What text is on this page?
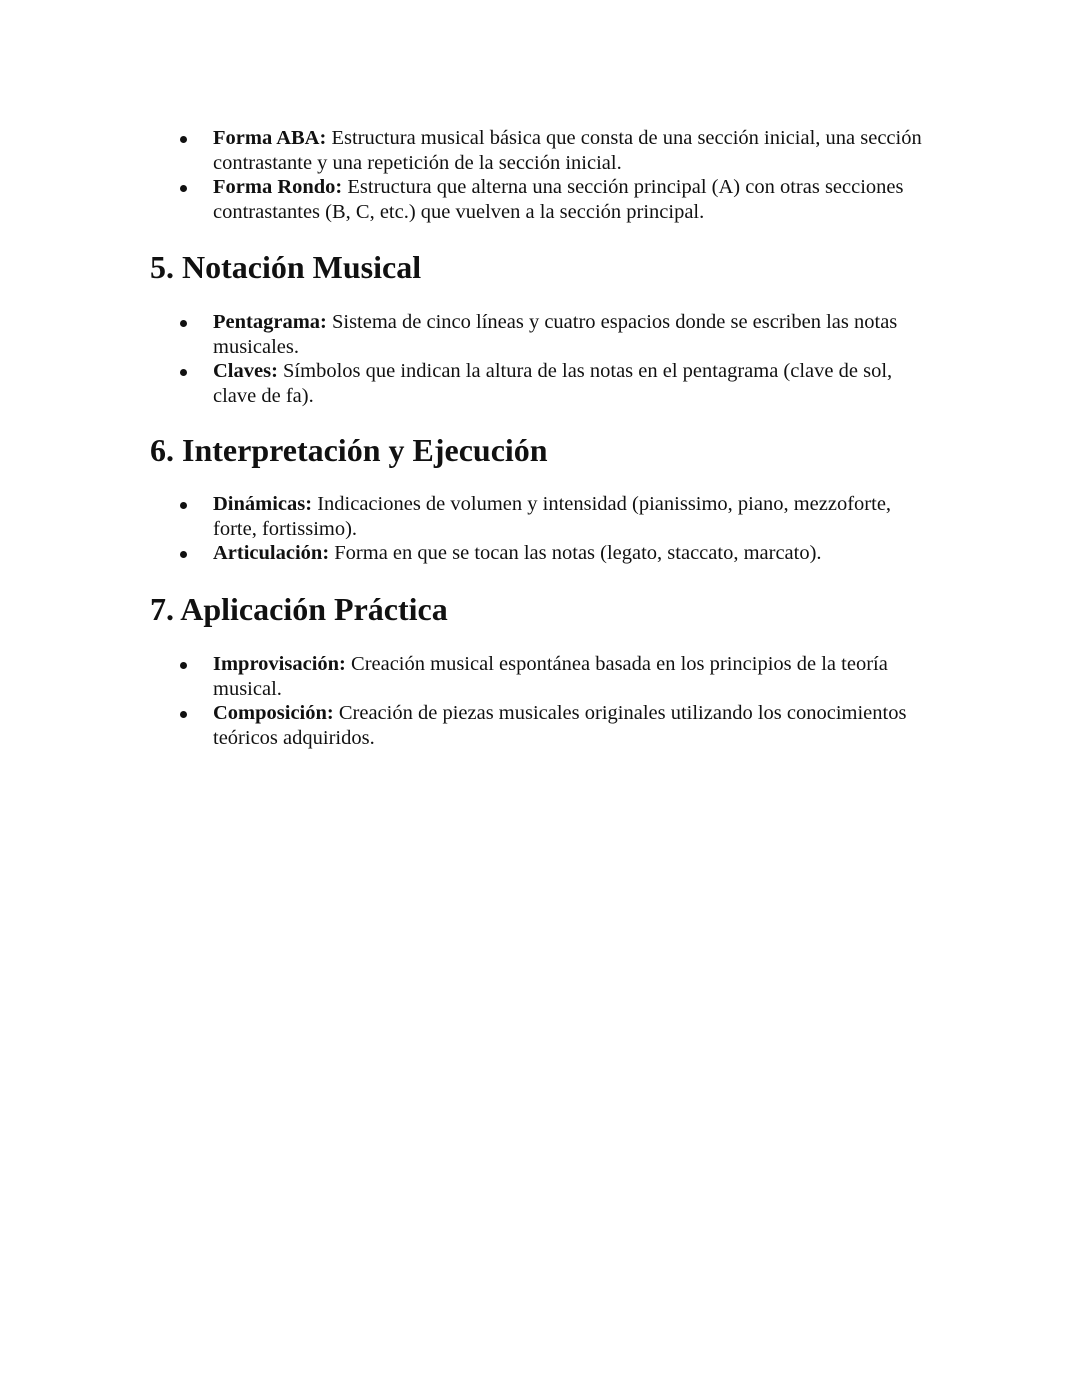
Forma ABA: Estructura musical básica que consta de una sección inicial, una sección contrastante y una repetición de la sección inicial.
Forma Rondo: Estructura que alterna una sección principal (A) con otras secciones contrastantes (B, C, etc.) que vuelven a la sección principal.
5. Notación Musical
Pentagrama: Sistema de cinco líneas y cuatro espacios donde se escriben las notas musicales.
Claves: Símbolos que indican la altura de las notas en el pentagrama (clave de sol, clave de fa).
6. Interpretación y Ejecución
Dinámicas: Indicaciones de volumen y intensidad (pianissimo, piano, mezzoforte, forte, fortissimo).
Articulación: Forma en que se tocan las notas (legato, staccato, marcato).
7. Aplicación Práctica
Improvisación: Creación musical espontánea basada en los principios de la teoría musical.
Composición: Creación de piezas musicales originales utilizando los conocimientos teóricos adquiridos.
